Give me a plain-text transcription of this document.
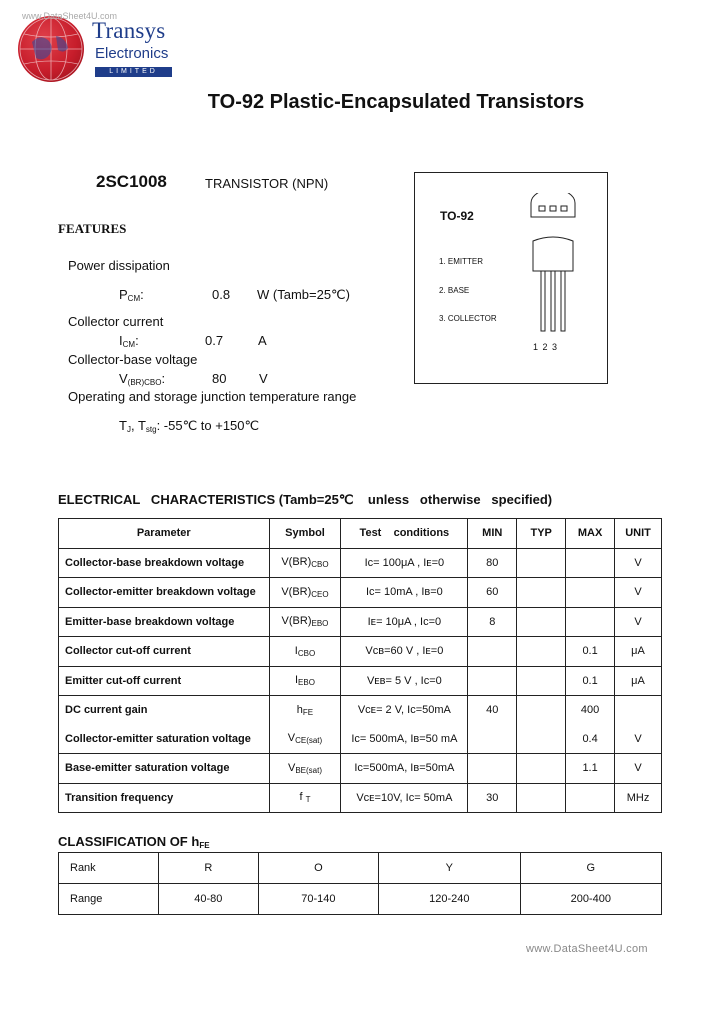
www.DataSheet4U.com
Transys
Electronics
LIMITED
TO-92 Plastic-Encapsulated Transistors
2SC1008	TRANSISTOR (NPN)
FEATURES
Power dissipation
$P_{CM}$:	0.8 W (Tamb=25℃)
Collector current
$I_{CM}$:	0.7	A
Collector-base voltage
$V_{(BR)CBO}$:	80	V
Operating and storage junction temperature range
$T_J$, $T_{stg}$: -55℃ to +150℃
TO-92
1. EMITTER
2. BASE
3. COLLECTOR
1 2 3
ELECTRICAL   CHARACTERISTICS (Tamb=25℃    unless   otherwise   specified)
Parameter	Symbol	Test    conditions	MIN	TYP	MAX	UNIT
Collector-base breakdown voltage	$V(BR)_{CBO}$	Iᴄ= 100μA , Iᴇ=0	80			V
Collector-emitter breakdown voltage	$V(BR)_{CEO}$	Iᴄ= 10mA , Iʙ=0	60			V
Emitter-base breakdown voltage	$V(BR)_{EBO}$	Iᴇ= 10μA , Iᴄ=0	8			V
Collector cut-off current	$I_{CBO}$	Vᴄʙ=60 V , Iᴇ=0			0.1	μA
Emitter cut-off current	$I_{EBO}$	Vᴇʙ= 5 V , Iᴄ=0			0.1	μA
DC current gain	$h_{FE}$	Vᴄᴇ= 2 V, Iᴄ=50mA	40		400	
Collector-emitter saturation voltage	$V_{CE(sat)}$	Iᴄ= 500mA, Iʙ=50 mA			0.4	V
Base-emitter saturation voltage	$V_{BE(sat)}$	Iᴄ=500mA, Iʙ=50mA			1.1	V
Transition frequency	f $_T$	Vᴄᴇ=10V, Iᴄ= 50mA	30			MHz
CLASSIFICATION OF $h_{FE}$
Rank	R	O	Y	G
Range	40-80	70-140	120-240	200-400
www.DataSheet4U.com
